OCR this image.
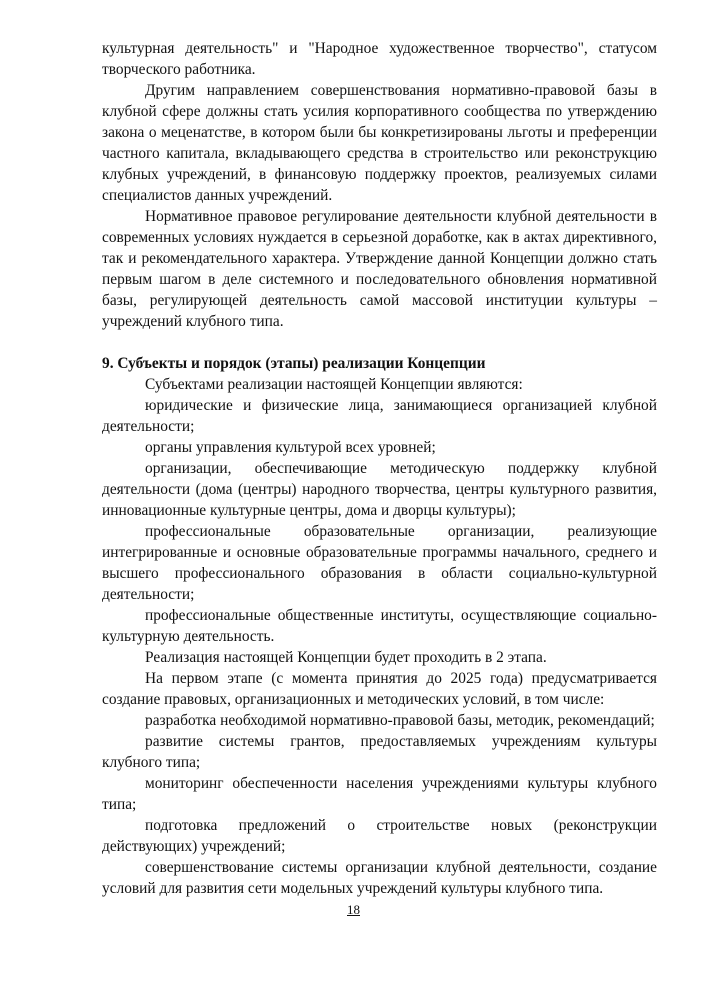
культурная деятельность" и "Народное художественное творчество", статусом творческого работника.

Другим направлением совершенствования нормативно-правовой базы в клубной сфере должны стать усилия корпоративного сообщества по утверждению закона о меценатстве, в котором были бы конкретизированы льготы и преференции частного капитала, вкладывающего средства в строительство или реконструкцию клубных учреждений, в финансовую поддержку проектов, реализуемых силами специалистов данных учреждений.

Нормативное правовое регулирование деятельности клубной деятельности в современных условиях нуждается в серьезной доработке, как в актах директивного, так и рекомендательного характера. Утверждение данной Концепции должно стать первым шагом в деле системного и последовательного обновления нормативной базы, регулирующей деятельность самой массовой институции культуры – учреждений клубного типа.

9. Субъекты и порядок (этапы) реализации Концепции

Субъектами реализации настоящей Концепции являются:

юридические и физические лица, занимающиеся организацией клубной деятельности;

органы управления культурой всех уровней;

организации, обеспечивающие методическую поддержку клубной деятельности (дома (центры) народного творчества, центры культурного развития, инновационные культурные центры, дома и дворцы культуры);

профессиональные образовательные организации, реализующие интегрированные и основные образовательные программы начального, среднего и высшего профессионального образования в области социально-культурной деятельности;

профессиональные общественные институты, осуществляющие социально-культурную деятельность.

Реализация настоящей Концепции будет проходить в 2 этапа.

На первом этапе (с момента принятия до 2025 года) предусматривается создание правовых, организационных и методических условий, в том числе:

разработка необходимой нормативно-правовой базы, методик, рекомендаций;

развитие системы грантов, предоставляемых учреждениям культуры клубного типа;

мониторинг обеспеченности населения учреждениями культуры клубного типа;

подготовка предложений о строительстве новых (реконструкции действующих) учреждений;

совершенствование системы организации клубной деятельности, создание условий для развития сети модельных учреждений культуры клубного типа.

18
